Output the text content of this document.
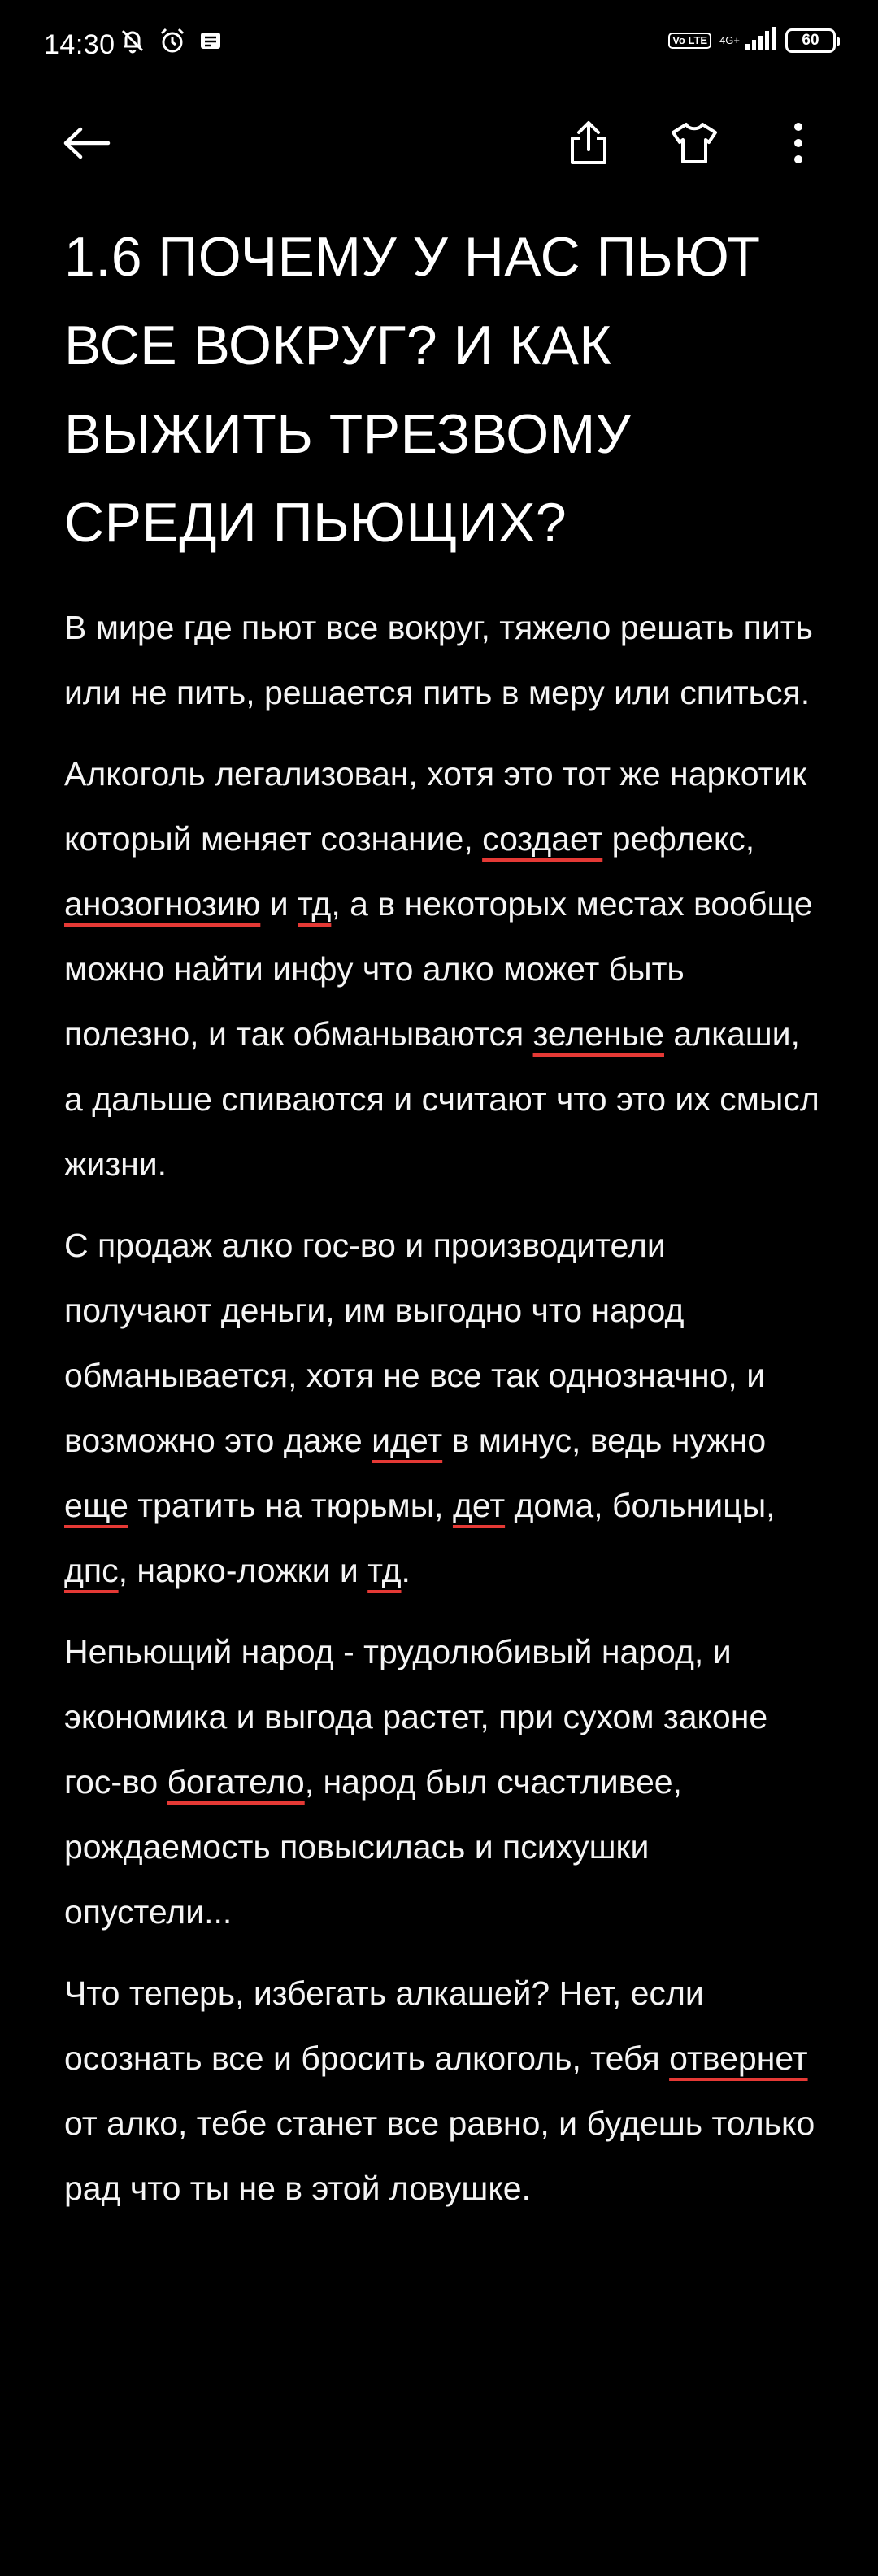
14:30	Vo LTE	4G+	60
1.6 ПОЧЕМУ У НАС ПЬЮТ ВСЕ ВОКРУГ? И КАК ВЫЖИТЬ ТРЕЗВОМУ СРЕДИ ПЬЮЩИХ?

В мире где пьют все вокруг, тяжело решать пить или не пить, решается пить в меру или спиться.

Алкоголь легализован, хотя это тот же наркотик который меняет сознание, создает рефлекс, анозогнозию и тд, а в некоторых местах вообще можно найти инфу что алко может быть полезно, и так обманываются зеленые алкаши, а дальше спиваются и считают что это их смысл жизни.

С продаж алко гос-во и производители получают деньги, им выгодно что народ обманывается, хотя не все так однозначно, и возможно это даже идет в минус, ведь нужно еще тратить на тюрьмы, дет дома, больницы, дпс, нарко-ложки и тд.

Непьющий народ - трудолюбивый народ, и экономика и выгода растет, при сухом законе гос-во богатело, народ был счастливее, рождаемость повысилась и психушки опустели...

Что теперь, избегать алкашей? Нет, если осознать все и бросить алкоголь, тебя отвернет от алко, тебе станет все равно, и будешь только рад что ты не в этой ловушке.
